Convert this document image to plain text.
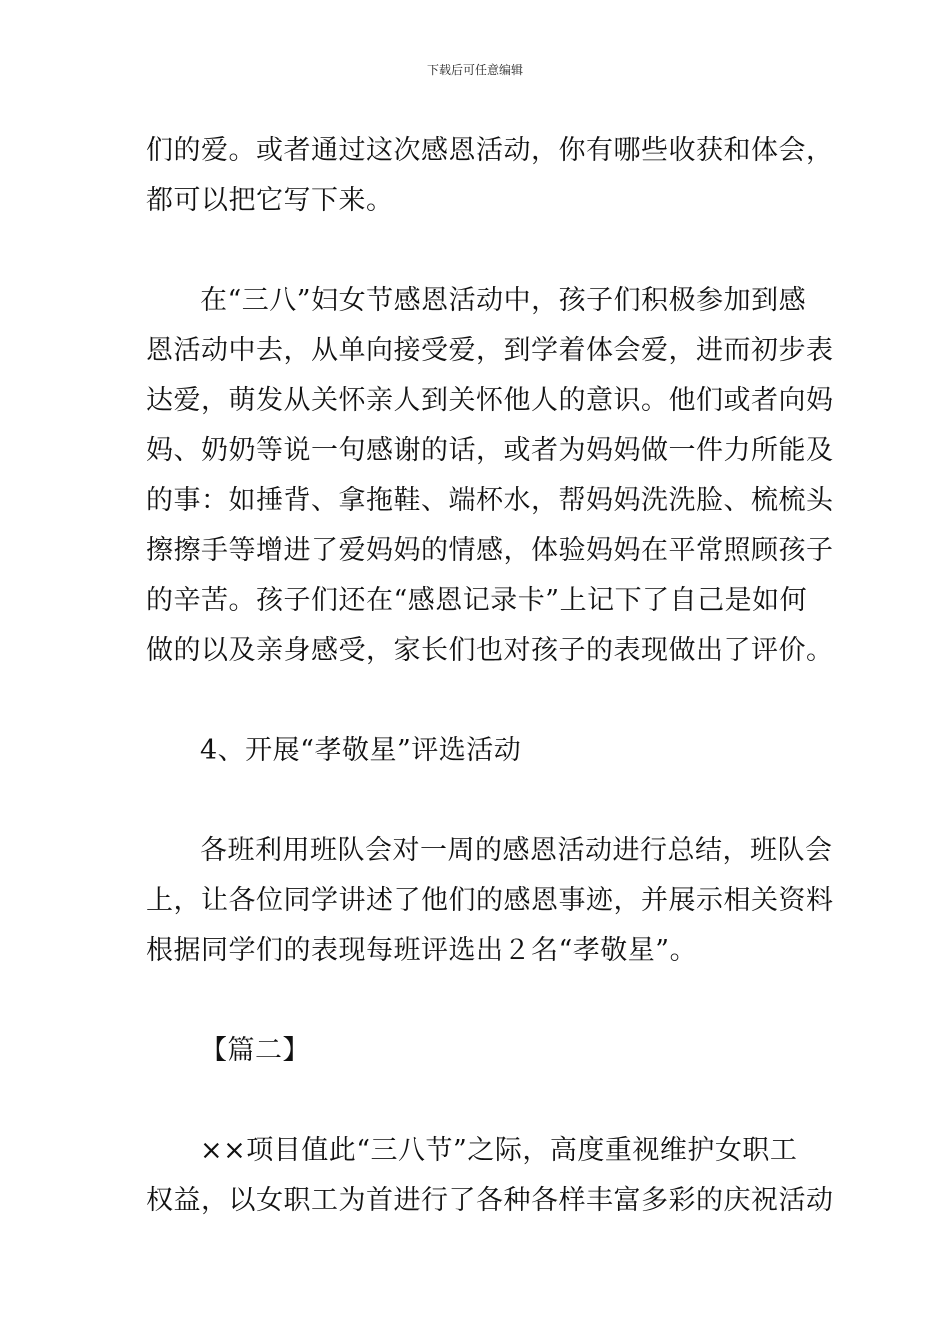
下载后可任意编辑
们的爱。或者通过这次感恩活动，你有哪些收获和体会，
都可以把它写下来。
在“三八”妇女节感恩活动中，孩子们积极参加到感
恩活动中去，从单向接受爱，到学着体会爱，进而初步表
达爱，萌发从关怀亲人到关怀他人的意识。他们或者向妈
妈、奶奶等说一句感谢的话，或者为妈妈做一件力所能及
的事：如捶背、拿拖鞋、端杯水，帮妈妈洗洗脸、梳梳头
擦擦手等增进了爱妈妈的情感，体验妈妈在平常照顾孩子
的辛苦。孩子们还在“感恩记录卡”上记下了自己是如何
做的以及亲身感受，家长们也对孩子的表现做出了评价。
4、开展“孝敬星”评选活动
各班利用班队会对一周的感恩活动进行总结，班队会
上，让各位同学讲述了他们的感恩事迹，并展示相关资料
根据同学们的表现每班评选出２名“孝敬星”。
【篇二】
××项目值此“三八节”之际，高度重视维护女职工
权益，以女职工为首进行了各种各样丰富多彩的庆祝活动
